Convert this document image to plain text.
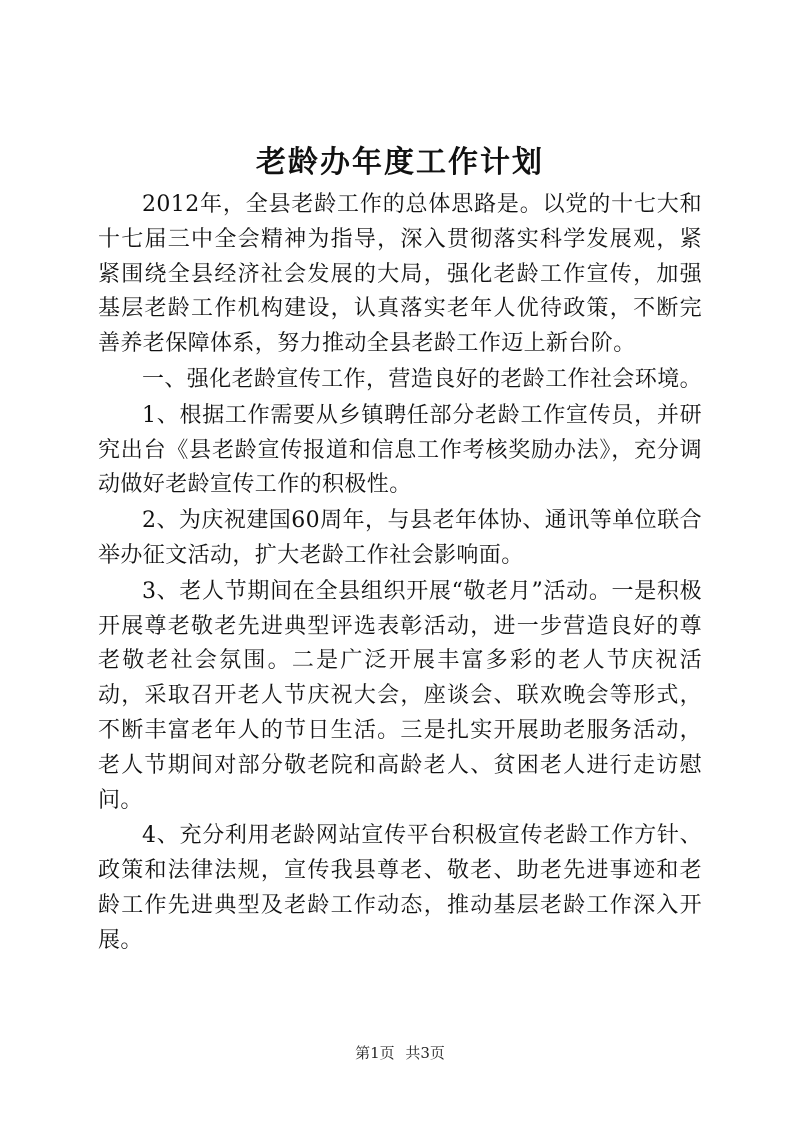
老龄办年度工作计划

2012年，全县老龄工作的总体思路是。以党的十七大和十七届三中全会精神为指导，深入贯彻落实科学发展观，紧紧围绕全县经济社会发展的大局，强化老龄工作宣传，加强基层老龄工作机构建设，认真落实老年人优待政策，不断完善养老保障体系，努力推动全县老龄工作迈上新台阶。

一、强化老龄宣传工作，营造良好的老龄工作社会环境。

1、根据工作需要从乡镇聘任部分老龄工作宣传员，并研究出台《县老龄宣传报道和信息工作考核奖励办法》，充分调动做好老龄宣传工作的积极性。

2、为庆祝建国60周年，与县老年体协、通讯等单位联合举办征文活动，扩大老龄工作社会影响面。

3、老人节期间在全县组织开展“敬老月”活动。一是积极开展尊老敬老先进典型评选表彰活动，进一步营造良好的尊老敬老社会氛围。二是广泛开展丰富多彩的老人节庆祝活动，采取召开老人节庆祝大会，座谈会、联欢晚会等形式，不断丰富老年人的节日生活。三是扎实开展助老服务活动，老人节期间对部分敬老院和高龄老人、贫困老人进行走访慰问。

4、充分利用老龄网站宣传平台积极宣传老龄工作方针、政策和法律法规，宣传我县尊老、敬老、助老先进事迹和老龄工作先进典型及老龄工作动态，推动基层老龄工作深入开展。

第1页 共3页
